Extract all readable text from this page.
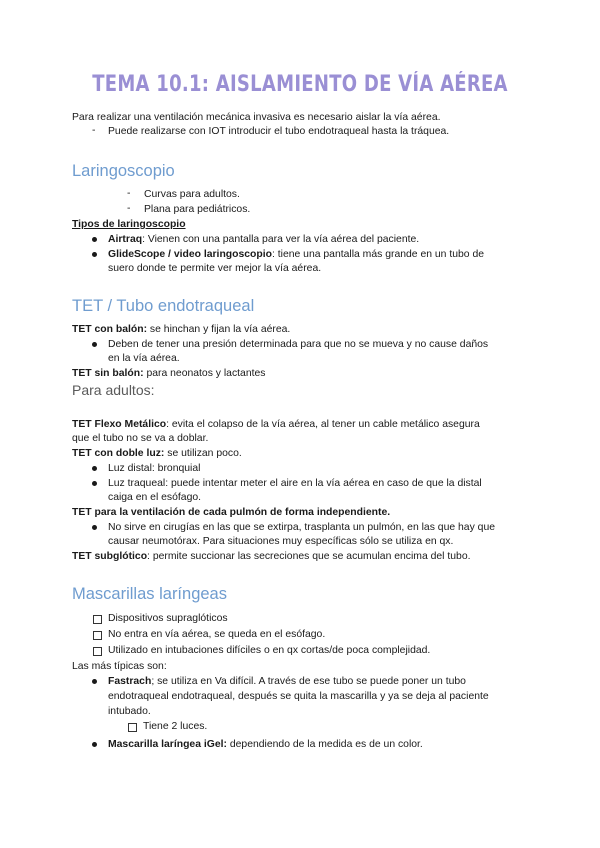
TEMA 10.1: AISLAMIENTO DE VÍA AÉREA
Para realizar una ventilación mecánica invasiva es necesario aislar la vía aérea.
- Puede realizarse con IOT introducir el tubo endotraqueal hasta la tráquea.
Laringoscopio
- Curvas para adultos.
- Plana para pediátricos.
Tipos de laringoscopio
Airtraq: Vienen con una pantalla para ver la vía aérea del paciente.
GlideScope / video laringoscopio: tiene una pantalla más grande en un tubo de
suero donde te permite ver mejor la vía aérea.
TET / Tubo endotraqueal
TET con balón: se hinchan y fijan la vía aérea.
Deben de tener una presión determinada para que no se mueva y no cause daños
en la vía aérea.
TET sin balón: para neonatos y lactantes
Para adultos:
TET Flexo Metálico: evita el colapso de la vía aérea, al tener un cable metálico asegura
que el tubo no se va a doblar.
TET con doble luz: se utilizan poco.
Luz distal: bronquial
Luz traqueal: puede intentar meter el aire en la vía aérea en caso de que la distal
caiga en el esófago.
TET para la ventilación de cada pulmón de forma independiente.
No sirve en cirugías en las que se extirpa, trasplanta un pulmón, en las que hay que
causar neumotórax. Para situaciones muy específicas sólo se utiliza en qx.
TET subglótico: permite succionar las secreciones que se acumulan encima del tubo.
Mascarillas laríngeas
Dispositivos supraglóticos
No entra en vía aérea, se queda en el esófago.
Utilizado en intubaciones difíciles o en qx cortas/de poca complejidad.
Las más típicas son:
Fastrach; se utiliza en Va difícil. A través de ese tubo se puede poner un tubo
endotraqueal endotraqueal, después se quita la mascarilla y ya se deja al paciente
intubado.
Tiene 2 luces.
Mascarilla laríngea iGel: dependiendo de la medida es de un color.
